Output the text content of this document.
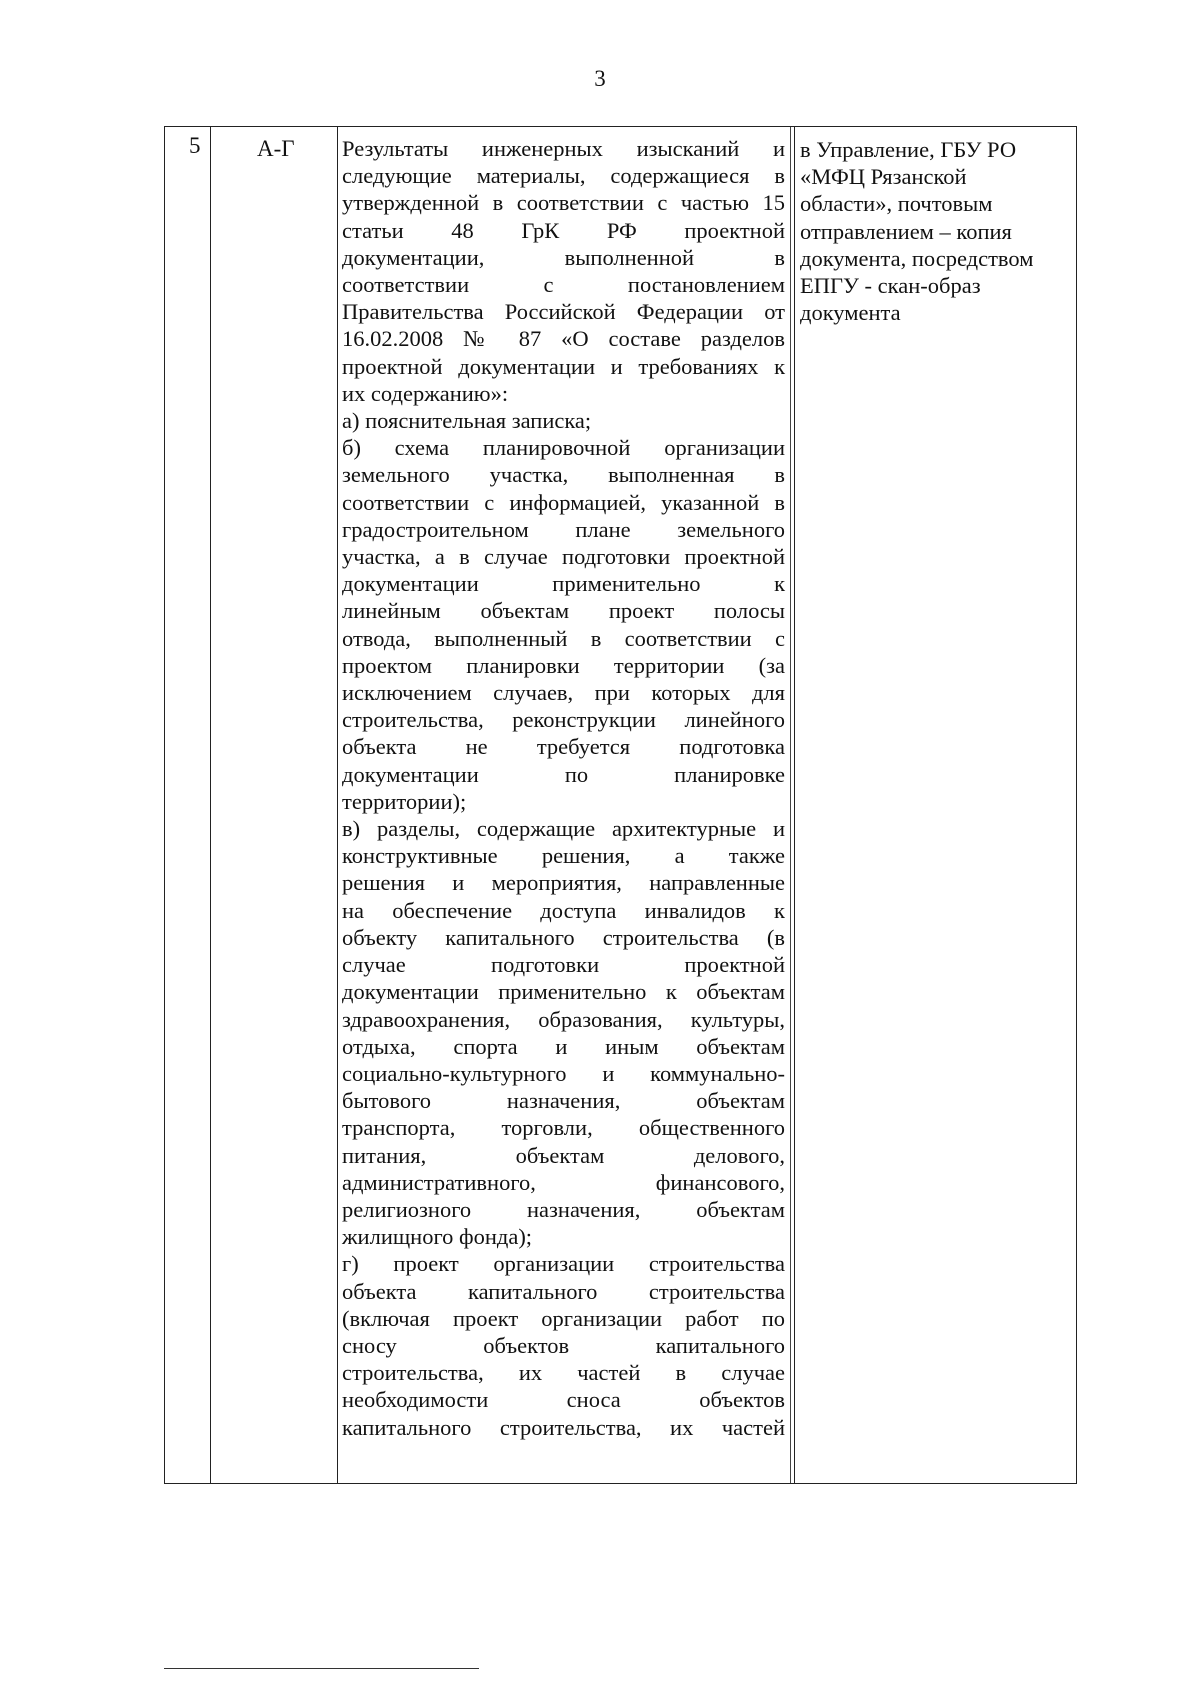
3
5 А-Г Результаты инженерных изысканий и
следующие материалы, содержащиеся в
утвержденной в соответствии с частью 15
статьи 48 ГрК РФ проектной
документации, выполненной в
соответствии с постановлением
Правительства Российской Федерации от
16.02.2008 № 87 «О составе разделов
проектной документации и требованиях к
их содержанию»:
а) пояснительная записка;
б) схема планировочной организации
земельного участка, выполненная в
соответствии с информацией, указанной в
градостроительном плане земельного
участка, а в случае подготовки проектной
документации применительно к
линейным объектам проект полосы
отвода, выполненный в соответствии с
проектом планировки территории (за
исключением случаев, при которых для
строительства, реконструкции линейного
объекта не требуется подготовка
документации по планировке
территории);
в) разделы, содержащие архитектурные и
конструктивные решения, а также
решения и мероприятия, направленные
на обеспечение доступа инвалидов к
объекту капитального строительства (в
случае подготовки проектной
документации применительно к объектам
здравоохранения, образования, культуры,
отдыха, спорта и иным объектам
социально-культурного и коммунально-
бытового назначения, объектам
транспорта, торговли, общественного
питания, объектам делового,
административного, финансового,
религиозного назначения, объектам
жилищного фонда);
г) проект организации строительства
объекта капитального строительства
(включая проект организации работ по
сносу объектов капитального
строительства, их частей в случае
необходимости сноса объектов
капитального строительства, их частей
в Управление, ГБУ РО
«МФЦ Рязанской
области», почтовым
отправлением – копия
документа, посредством
ЕПГУ - скан-образ
документа
